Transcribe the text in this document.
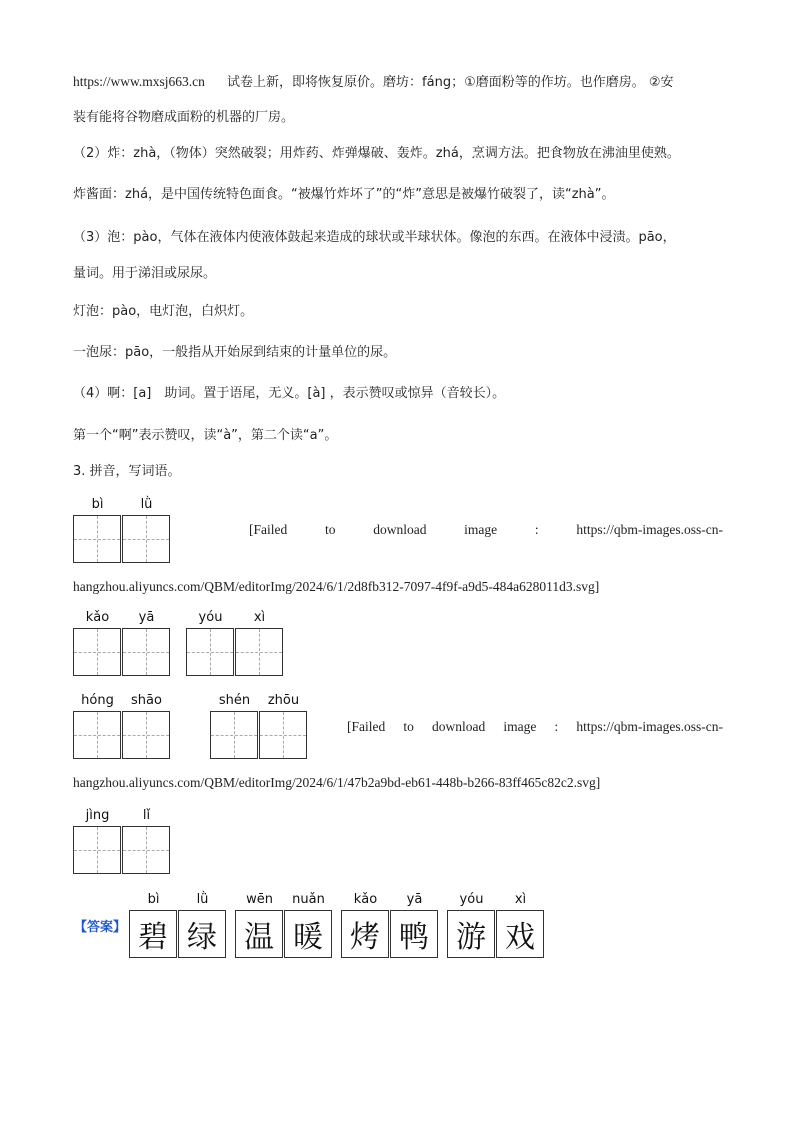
https://www.mxsj663.cn 试卷上新，即将恢复原价。磨坊：fáng；①磨面粉等的作坊。也作磨房。 ②安
装有能将谷物磨成面粉的机器的厂房。
（2）炸：zhà，（物体）突然破裂；用炸药、炸弹爆破、轰炸。zhá，烹调方法。把食物放在沸油里使熟。
炸酱面：zhá，是中国传统特色面食。“被爆竹炸坏了”的“炸”意思是被爆竹破裂了，读“zhà”。
（3）泡：pào，气体在液体内使液体鼓起来造成的球状或半球状体。像泡的东西。在液体中浸渍。pāo，
量词。用于涕泪或尿尿。
灯泡：pào，电灯泡，白炽灯。
一泡尿：pāo，一般指从开始尿到结束的计量单位的尿。
（4）啊：[a]　助词。置于语尾，无义。[à] ，表示赞叹或惊异（音较长）。
第一个“啊”表示赞叹，读“à”，第二个读“a”。
3. 拼音，写词语。
bì	lǜ
[Failed	to	download	image	:	https://qbm-images.oss-cn-
hangzhou.aliyuncs.com/QBM/editorImg/2024/6/1/2d8fb312-7097-4f9f-a9d5-484a628011d3.svg]
kǎo	yā	yóu	xì
hóng	shāo	shén	zhōu
[Failed to download image : https://qbm-images.oss-cn-
hangzhou.aliyuncs.com/QBM/editorImg/2024/6/1/47b2a9bd-eb61-448b-b266-83ff465c82c2.svg]
jìng	lǐ
【答案】
bì	lǜ
碧 绿
wēn	nuǎn
温 暖
kǎo	yā
烤 鸭
yóu	xì
游 戏
